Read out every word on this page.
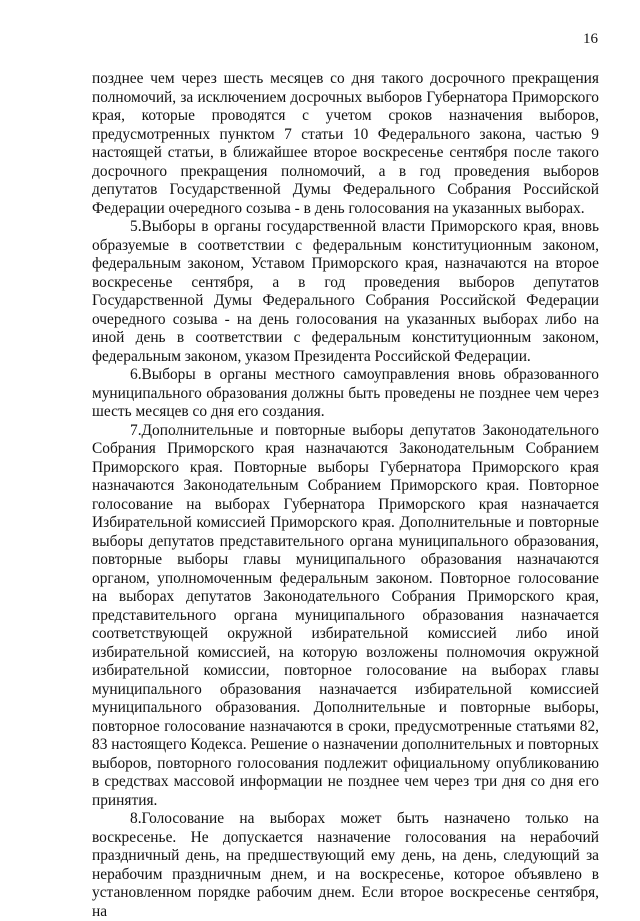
16

позднее чем через шесть месяцев со дня такого досрочного прекращения полномочий, за исключением досрочных выборов Губернатора Приморского края, которые проводятся с учетом сроков назначения выборов, предусмотренных пунктом 7 статьи 10 Федерального закона, частью 9 настоящей статьи, в ближайшее второе воскресенье сентября после такого досрочного прекращения полномочий, а в год проведения выборов депутатов Государственной Думы Федерального Собрания Российской Федерации очередного созыва - в день голосования на указанных выборах.

5.Выборы в органы государственной власти Приморского края, вновь образуемые в соответствии с федеральным конституционным законом, федеральным законом, Уставом Приморского края, назначаются на второе воскресенье сентября, а в год проведения выборов депутатов Государственной Думы Федерального Собрания Российской Федерации очередного созыва - на день голосования на указанных выборах либо на иной день в соответствии с федеральным конституционным законом, федеральным законом, указом Президента Российской Федерации.

6.Выборы в органы местного самоуправления вновь образованного муниципального образования должны быть проведены не позднее чем через шесть месяцев со дня его создания.

7.Дополнительные и повторные выборы депутатов Законодательного Собрания Приморского края назначаются Законодательным Собранием Приморского края. Повторные выборы Губернатора Приморского края назначаются Законодательным Собранием Приморского края. Повторное голосование на выборах Губернатора Приморского края назначается Избирательной комиссией Приморского края. Дополнительные и повторные выборы депутатов представительного органа муниципального образования, повторные выборы главы муниципального образования назначаются органом, уполномоченным федеральным законом. Повторное голосование на выборах депутатов Законодательного Собрания Приморского края, представительного органа муниципального образования назначается соответствующей окружной избирательной комиссией либо иной избирательной комиссией, на которую возложены полномочия окружной избирательной комиссии, повторное голосование на выборах главы муниципального образования назначается избирательной комиссией муниципального образования. Дополнительные и повторные выборы, повторное голосование назначаются в сроки, предусмотренные статьями 82, 83 настоящего Кодекса. Решение о назначении дополнительных и повторных выборов, повторного голосования подлежит официальному опубликованию в средствах массовой информации не позднее чем через три дня со дня его принятия.

8.Голосование на выборах может быть назначено только на воскресенье. Не допускается назначение голосования на нерабочий праздничный день, на предшествующий ему день, на день, следующий за нерабочим праздничным днем, и на воскресенье, которое объявлено в установленном порядке рабочим днем. Если второе воскресенье сентября, на
